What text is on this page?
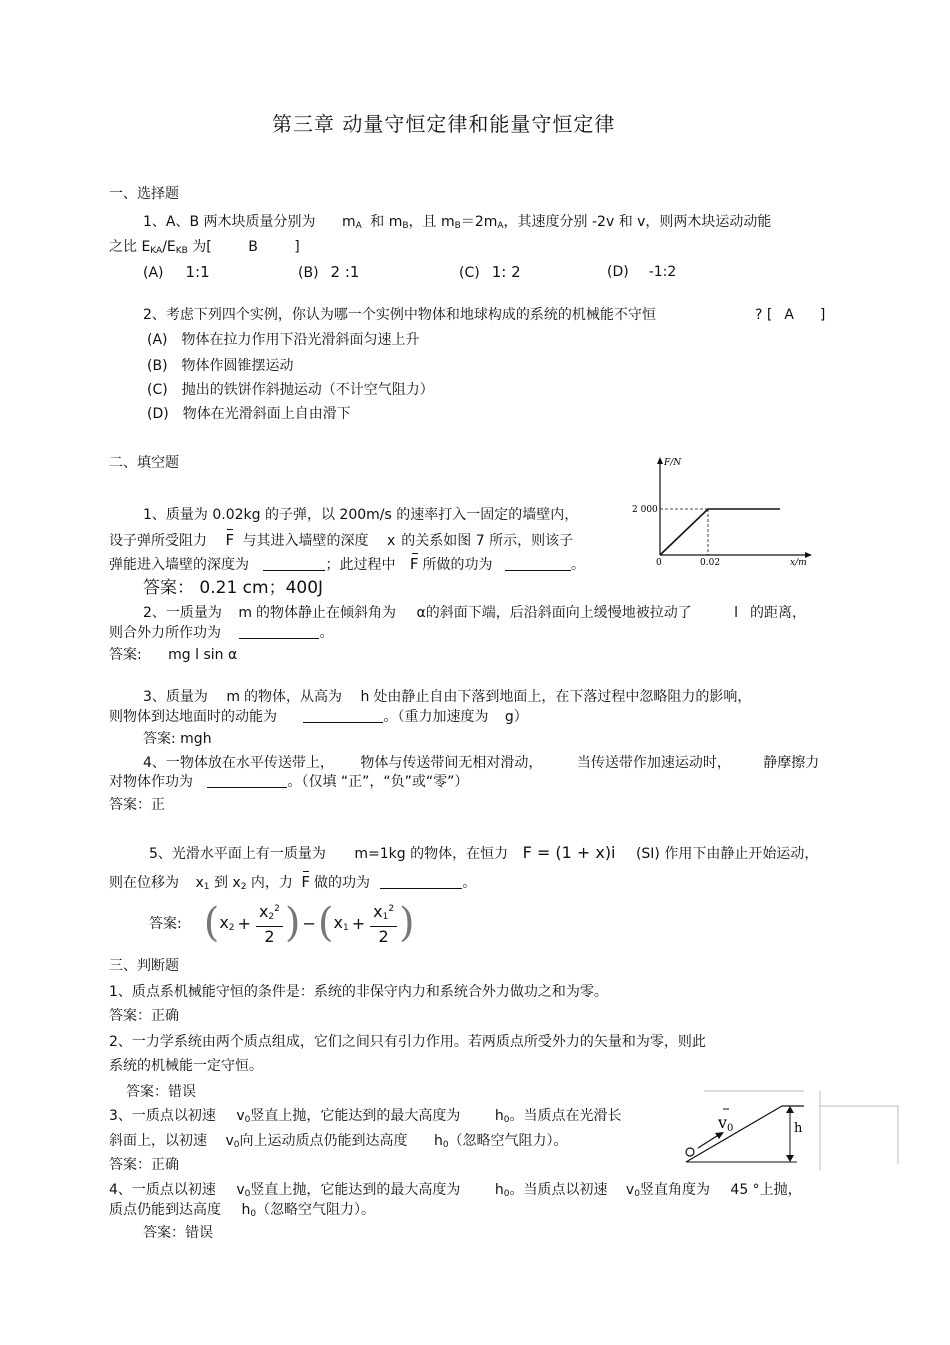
第三章 动量守恒定律和能量守恒定律
一、选择题
1、A、B 两木块质量分别为 $m_A$ 和 $m_B$，且 $m_B=2m_A$，其速度分别 -2v 和 v，则两木块运动动能
之比 $E_{KA}/E_{KB}$ 为[	B	]
(A) 1:1	(B) 2 :1	(C) 1: 2	(D) -1:2
2、考虑下列四个实例，你认为哪一个实例中物体和地球构成的系统的机械能不守恒	? [ A ]
(A) 物体在拉力作用下沿光滑斜面匀速上升
(B) 物体作圆锥摆运动
(C) 抛出的铁饼作斜抛运动（不计空气阻力）
(D) 物体在光滑斜面上自由滑下
二、填空题	F/N
x/m
2 000
0.02
0
1、质量为 0.02kg 的子弹，以 200m/s 的速率打入一固定的墙壁内，
设子弹所受阻力 F 与其进入墙壁的深度 x 的关系如图 7 所示，则该子
弹能进入墙壁的深度为	；此过程中 F 所做的功为	。
答案： 0.21 cm；400J
2、一质量为 m 的物体静止在倾斜角为 α的斜面下端，后沿斜面向上缓慢地被拉动了	l 的距离，
则合外力所作功为	。
答案: mg l sin α
3、质量为 m 的物体，从高为 h 处由静止自由下落到地面上，在下落过程中忽略阻力的影响，
则物体到达地面时的动能为	。（重力加速度为 g）
答案: mgh
4、一物体放在水平传送带上， 物体与传送带间无相对滑动， 当传送带作加速运动时， 静摩擦力
对物体作功为	。（仅填 “正”，“负”或“零”）
答案：正
5、光滑水平面上有一质量为 m=1kg 的物体，在恒力 F = (1 + x)i (SI) 作用下由静止开始运动，
则在位移为 $x_1$ 到 $x_2$ 内，力 F 做的功为	。
答案: ( $x_2 + \frac{x_2^2}{2}$ ) − ( $x_1 + \frac{x_1^2}{2}$ )
三、判断题
1、质点系机械能守恒的条件是：系统的非保守内力和系统合外力做功之和为零。
答案：正确
2、一力学系统由两个质点组成，它们之间只有引力作用。若两质点所受外力的矢量和为零，则此
系统的机械能一定守恒。
答案：错误
3、一质点以初速 $v_0$竖直上抛，它能达到的最大高度为 $h_0$。当质点在光滑长
斜面上，以初速 $v_0$向上运动质点仍能到达高度 $h_0$（忽略空气阻力）。
答案：正确
v0	h
4、一质点以初速 $v_0$竖直上抛，它能达到的最大高度为 $h_0$。当质点以初速 $v_0$竖直角度为 45 °上抛，
质点仍能到达高度 $h_0$（忽略空气阻力）。
答案：错误
